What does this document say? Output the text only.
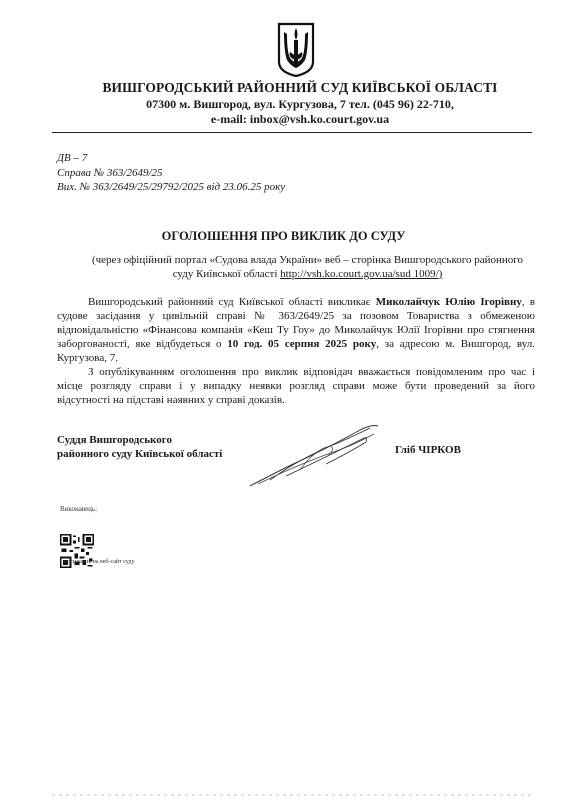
ВИШГОРОДСЬКИЙ РАЙОННИЙ СУД КИЇВСЬКОЇ ОБЛАСТІ
07300 м. Вишгород, вул. Кургузова, 7 тел. (045 96) 22-710,
e-mail: inbox@vsh.ko.court.gov.ua
ДВ – 7
Справа № 363/2649/25
Вих. № 363/2649/25/29792/2025 від 23.06.25 року
ОГОЛОШЕННЯ ПРО ВИКЛИК ДО СУДУ
(через офіційний портал «Судова влада України» веб – сторінка Вишгородського районного
суду Київської області http://vsh.ko.court.gov.ua/sud 1009/)
Вишгородський районний суд Київської області викликає Миколайчук Юлію Ігорівну, в
судове засідання у цивільній справі № 363/2649/25 за позовом Товариства з обмеженою
відповідальністю «Фінансова компанія «Кеш Ту Гоу» до Миколайчук Юлії Ігорівни про стягнення
заборгованості, яке відбудеться о 10 год. 05 серпня 2025 року, за адресою м. Вишгород, вул.
Кургузова, 7.
З опублікуванням оголошення про виклик відповідач вважається повідомленим про час і
місце розгляду справи і у випадку неявки розгляд справи може бути проведений за його
відсутності на підставі наявних у справі доказів.
Суддя Вишгородського
районного суду Київської області	Гліб ЧІРКОВ
Виконавець:
посилання на веб-сайт суду
